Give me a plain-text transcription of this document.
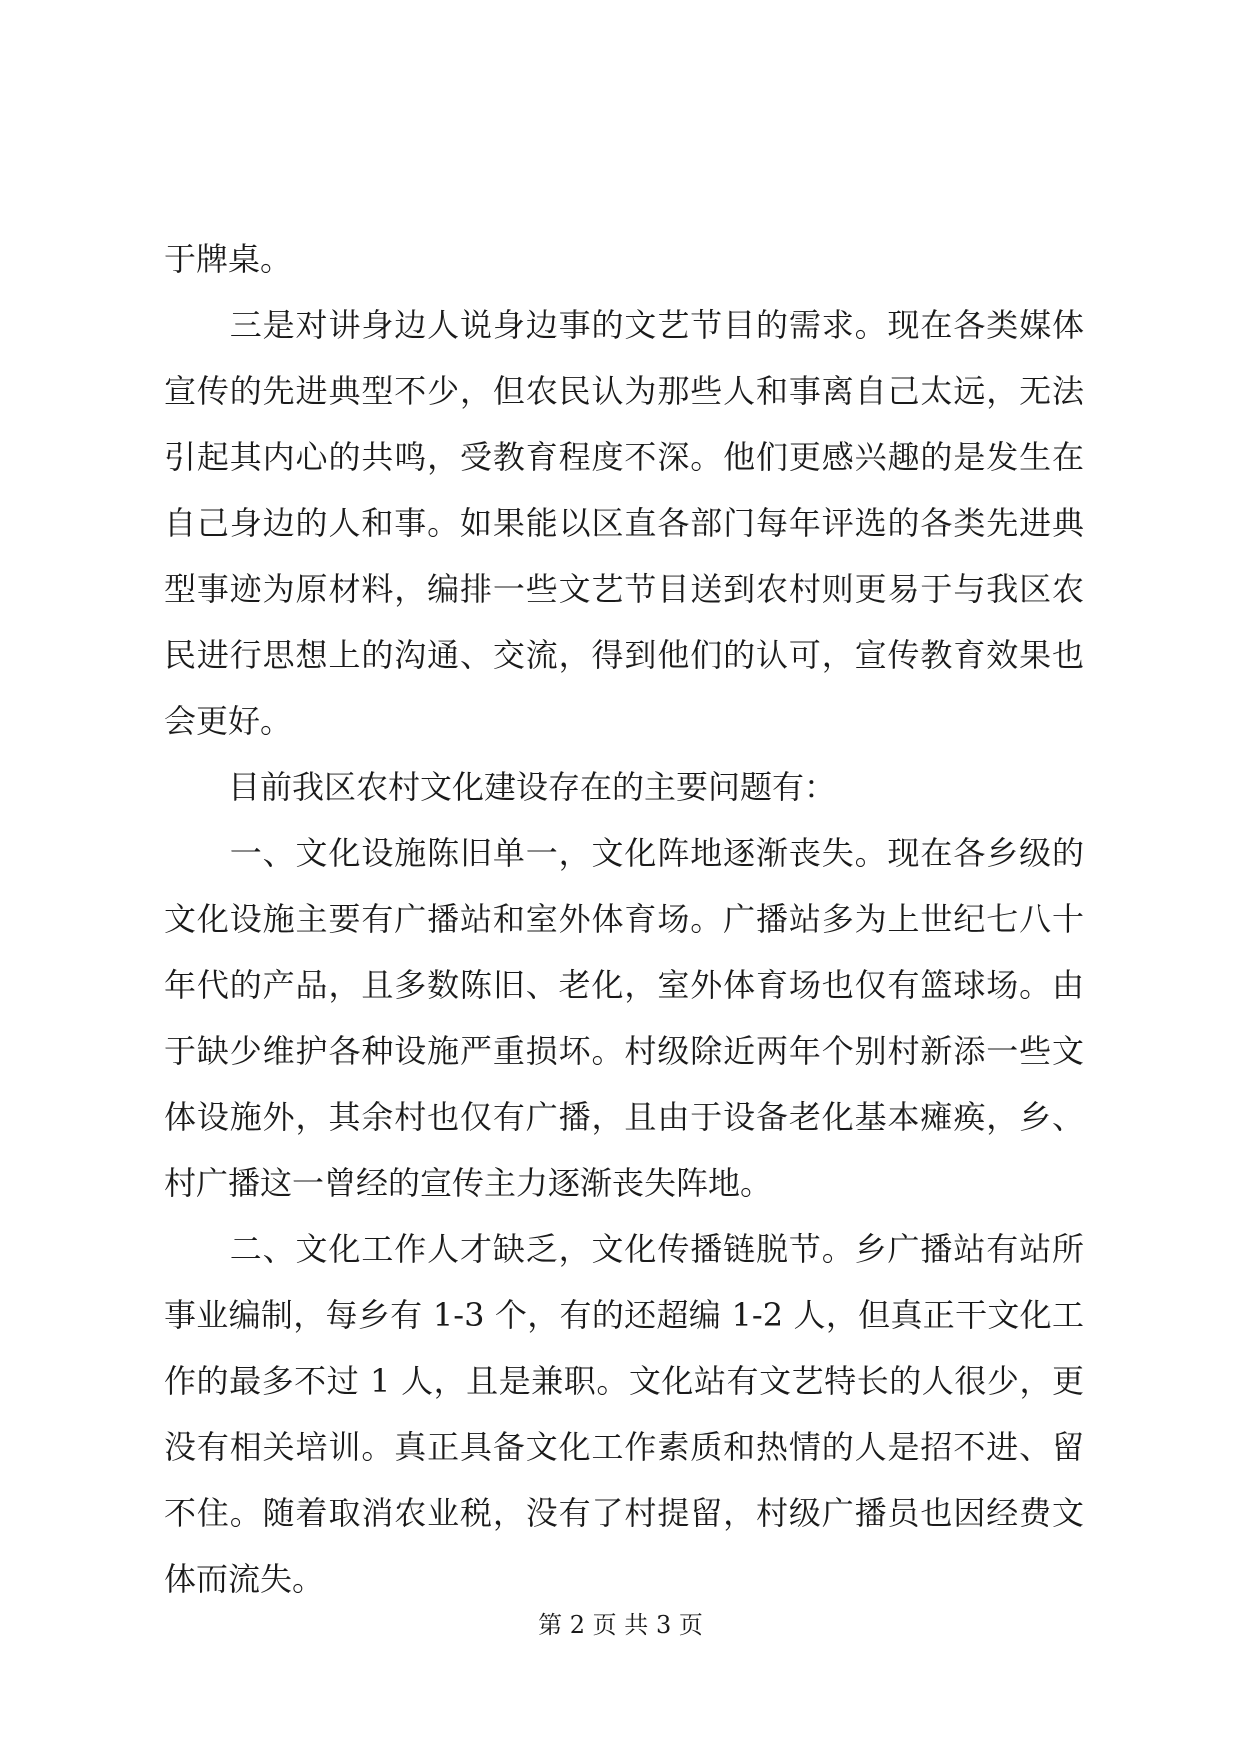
于牌桌。
　　三是对讲身边人说身边事的文艺节目的需求。现在各类媒体
宣传的先进典型不少，但农民认为那些人和事离自己太远，无法
引起其内心的共鸣，受教育程度不深。他们更感兴趣的是发生在
自己身边的人和事。如果能以区直各部门每年评选的各类先进典
型事迹为原材料，编排一些文艺节目送到农村则更易于与我区农
民进行思想上的沟通、交流，得到他们的认可，宣传教育效果也
会更好。
　　目前我区农村文化建设存在的主要问题有：
　　一、文化设施陈旧单一，文化阵地逐渐丧失。现在各乡级的
文化设施主要有广播站和室外体育场。广播站多为上世纪七八十
年代的产品，且多数陈旧、老化，室外体育场也仅有篮球场。由
于缺少维护各种设施严重损坏。村级除近两年个别村新添一些文
体设施外，其余村也仅有广播，且由于设备老化基本瘫痪，乡、
村广播这一曾经的宣传主力逐渐丧失阵地。
　　二、文化工作人才缺乏，文化传播链脱节。乡广播站有站所
事业编制，每乡有 1-3 个，有的还超编 1-2 人，但真正干文化工
作的最多不过 1 人，且是兼职。文化站有文艺特长的人很少，更
没有相关培训。真正具备文化工作素质和热情的人是招不进、留
不住。随着取消农业税，没有了村提留，村级广播员也因经费文
体而流失。
第 2 页 共 3 页
